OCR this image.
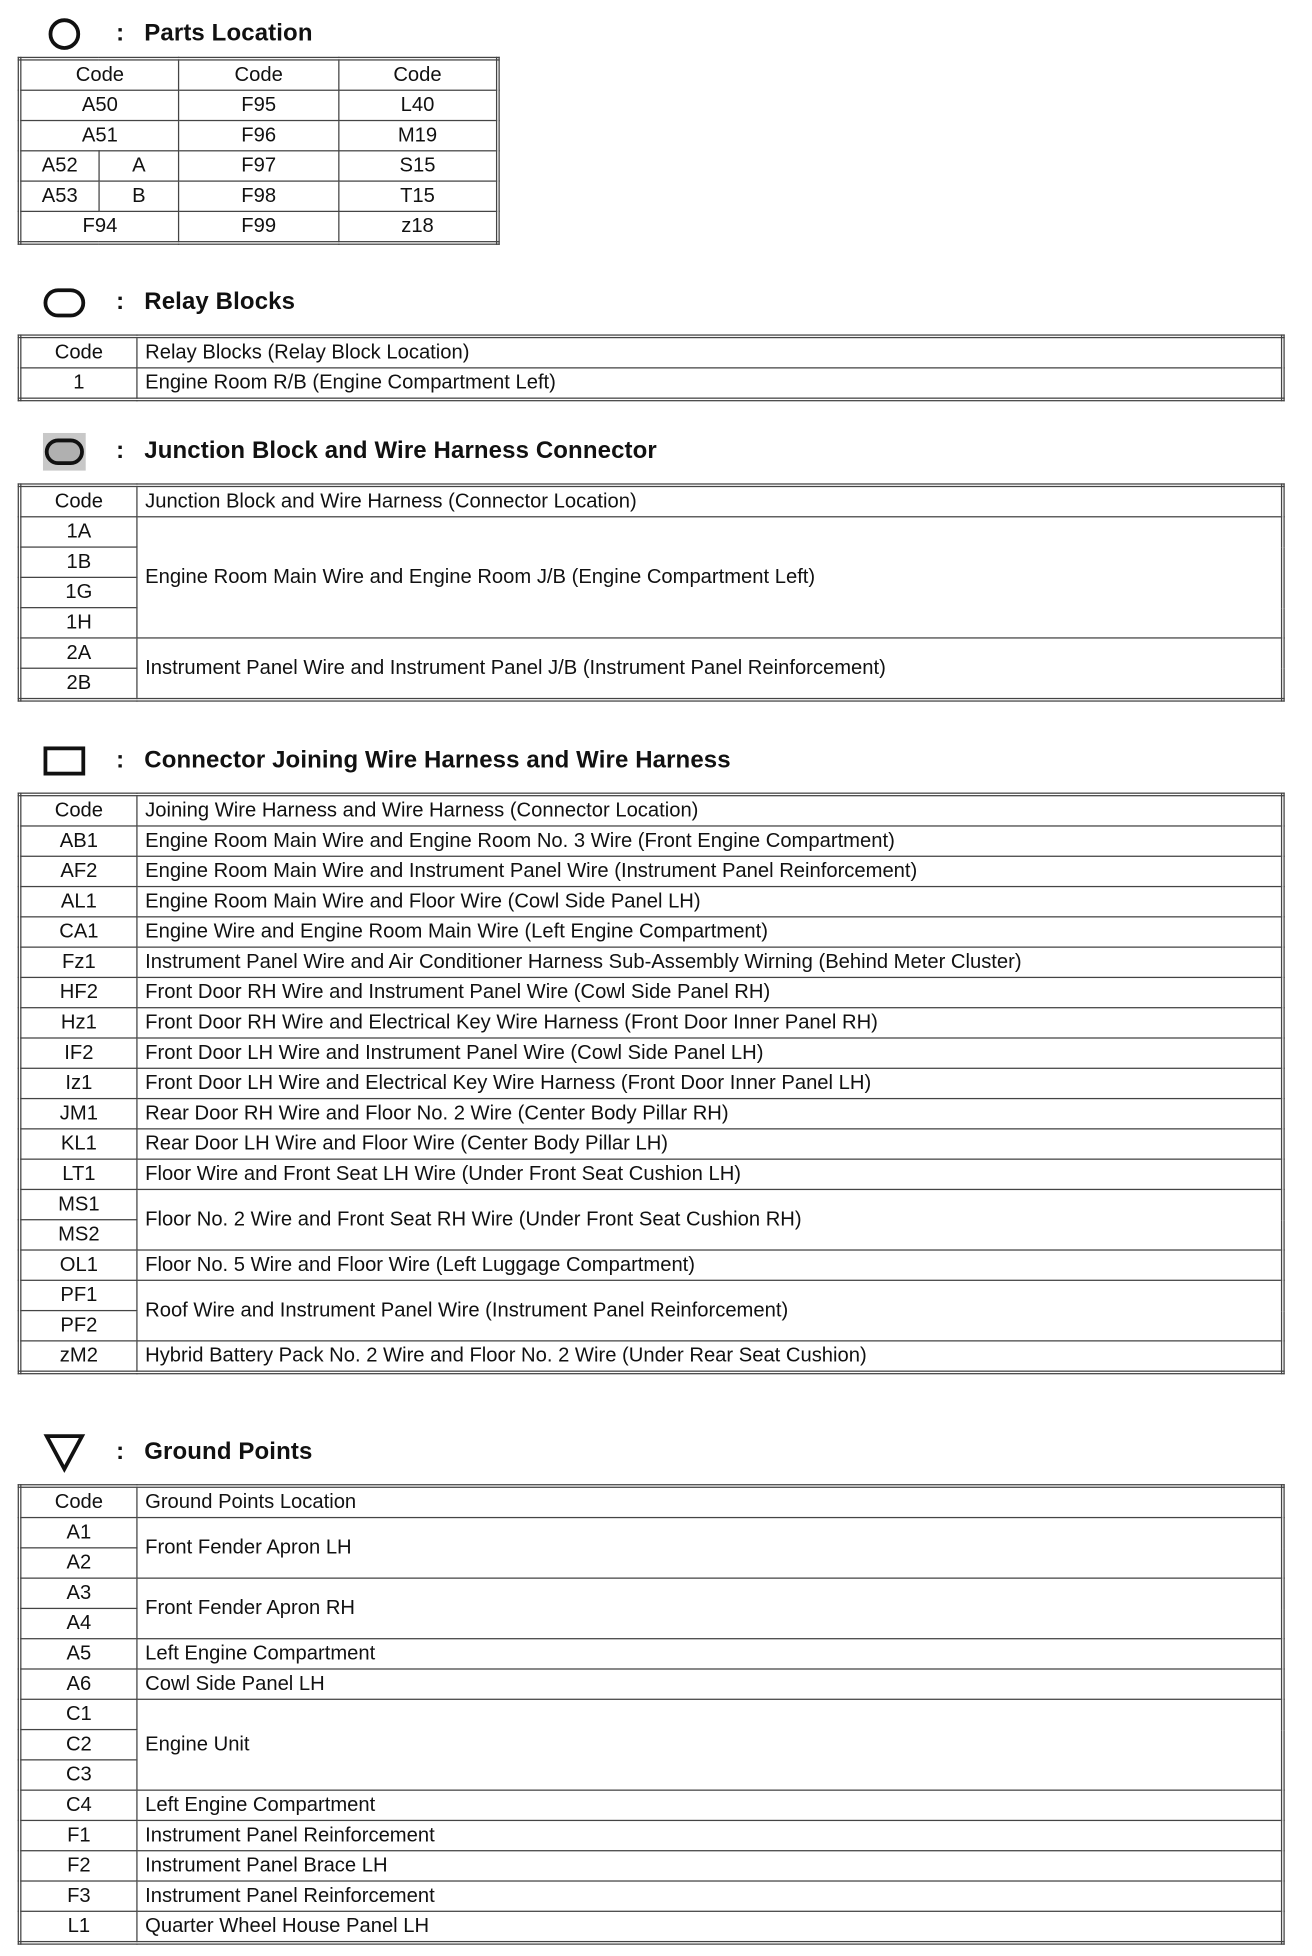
: Parts Location
Code		Code	Code
A50		F95	L40
A51		F96	M19
A52	A	F97	S15
A53	B	F98	T15
F94		F99	z18
: Relay Blocks
Code	Relay Blocks (Relay Block Location)
1	Engine Room R/B (Engine Compartment Left)
: Junction Block and Wire Harness Connector
Code	Junction Block and Wire Harness (Connector Location)
1A	Engine Room Main Wire and Engine Room J/B (Engine Compartment Left)
1B	
1G	
1H	
2A	Instrument Panel Wire and Instrument Panel J/B (Instrument Panel Reinforcement)
2B	
: Connector Joining Wire Harness and Wire Harness
Code	Joining Wire Harness and Wire Harness (Connector Location)
AB1	Engine Room Main Wire and Engine Room No. 3 Wire (Front Engine Compartment)
AF2	Engine Room Main Wire and Instrument Panel Wire (Instrument Panel Reinforcement)
AL1	Engine Room Main Wire and Floor Wire (Cowl Side Panel LH)
CA1	Engine Wire and Engine Room Main Wire (Left Engine Compartment)
Fz1	Instrument Panel Wire and Air Conditioner Harness Sub-Assembly Wirning (Behind Meter Cluster)
HF2	Front Door RH Wire and Instrument Panel Wire (Cowl Side Panel RH)
Hz1	Front Door RH Wire and Electrical Key Wire Harness (Front Door Inner Panel RH)
IF2	Front Door LH Wire and Instrument Panel Wire (Cowl Side Panel LH)
Iz1	Front Door LH Wire and Electrical Key Wire Harness (Front Door Inner Panel LH)
JM1	Rear Door RH Wire and Floor No. 2 Wire (Center Body Pillar RH)
KL1	Rear Door LH Wire and Floor Wire (Center Body Pillar LH)
LT1	Floor Wire and Front Seat LH Wire (Under Front Seat Cushion LH)
MS1	Floor No. 2 Wire and Front Seat RH Wire (Under Front Seat Cushion RH)
MS2	
OL1	Floor No. 5 Wire and Floor Wire (Left Luggage Compartment)
PF1	Roof Wire and Instrument Panel Wire (Instrument Panel Reinforcement)
PF2	
zM2	Hybrid Battery Pack No. 2 Wire and Floor No. 2 Wire (Under Rear Seat Cushion)
: Ground Points
Code	Ground Points Location
A1	Front Fender Apron LH
A2	
A3	Front Fender Apron RH
A4	
A5	Left Engine Compartment
A6	Cowl Side Panel LH
C1	Engine Unit
C2	
C3	
C4	Left Engine Compartment
F1	Instrument Panel Reinforcement
F2	Instrument Panel Brace LH
F3	Instrument Panel Reinforcement
L1	Quarter Wheel House Panel LH
